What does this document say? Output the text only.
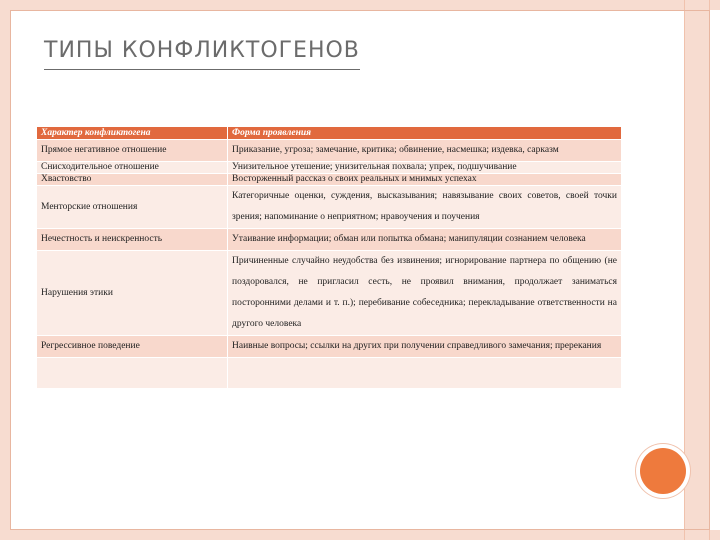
ТИПЫ КОНФЛИКТОГЕНОВ
Характер конфликтогена	Форма проявления
Прямое негативное отношение	Приказание, угроза; замечание, критика; обвинение, насмешка; издевка, сарказм
Снисходительное отношение	Унизительное утешение; унизительная похвала; упрек, подшучивание
Хвастовство	Восторженный рассказ о своих реальных и мнимых успехах
Менторские отношения	Категоричные оценки, суждения, высказывания; навязывание своих советов, своей точки зрения; напоминание о неприятном; нравоучения и поучения
Нечестность и неискренность	Утаивание информации; обман или попытка обмана; манипуляции сознанием человека
Нарушения этики	Причиненные случайно неудобства без извинения; игнорирование партнера по общению (не поздоровался, не пригласил сесть, не проявил внимания, продолжает заниматься посторонними делами и т. п.); перебивание собеседника; перекладывание ответственности на другого человека
Регрессивное поведение	Наивные вопросы; ссылки на других при получении справедливого замечания; пререкания
